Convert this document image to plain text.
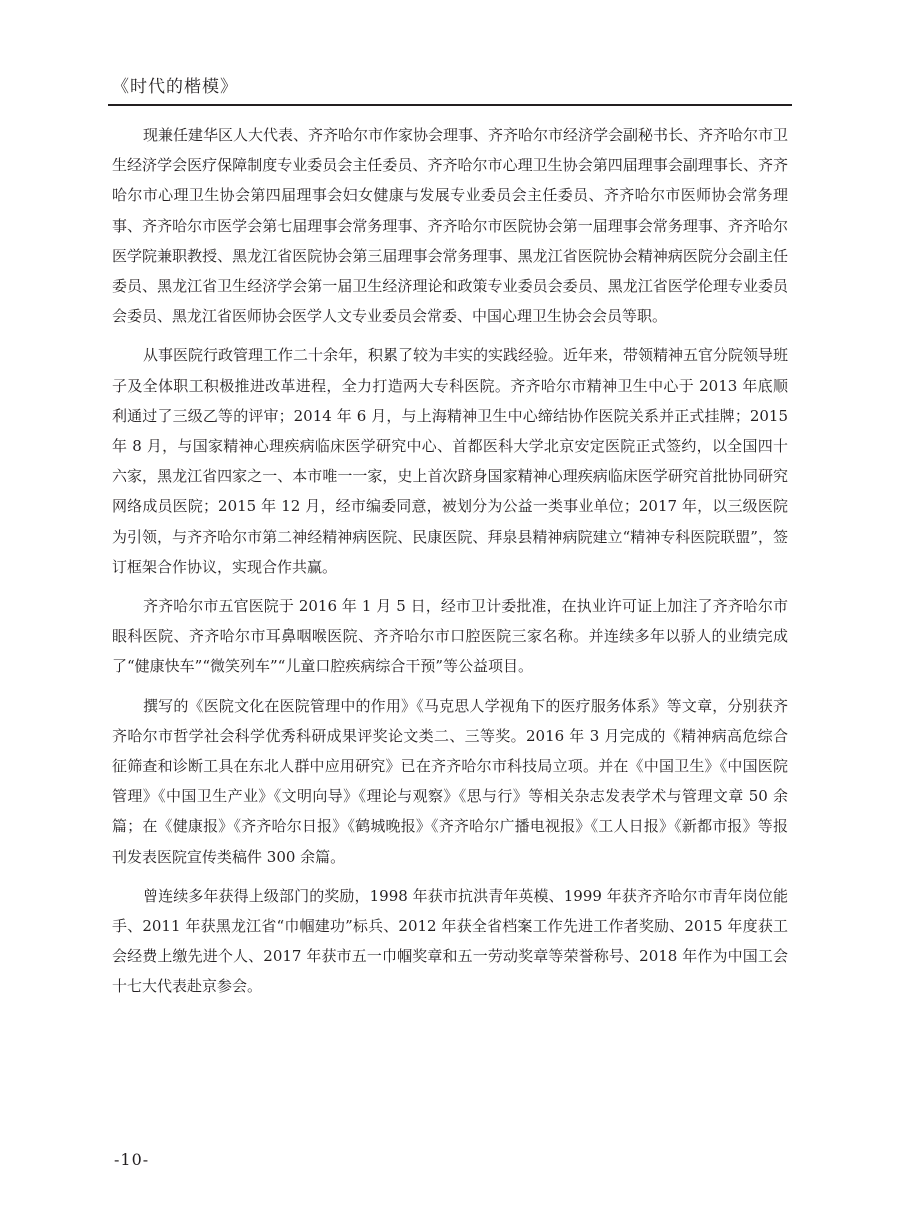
《时代的楷模》

现兼任建华区人大代表、齐齐哈尔市作家协会理事、齐齐哈尔市经济学会副秘书长、齐齐哈尔市卫生经济学会医疗保障制度专业委员会主任委员、齐齐哈尔市心理卫生协会第四届理事会副理事长、齐齐哈尔市心理卫生协会第四届理事会妇女健康与发展专业委员会主任委员、齐齐哈尔市医师协会常务理事、齐齐哈尔市医学会第七届理事会常务理事、齐齐哈尔市医院协会第一届理事会常务理事、齐齐哈尔医学院兼职教授、黑龙江省医院协会第三届理事会常务理事、黑龙江省医院协会精神病医院分会副主任委员、黑龙江省卫生经济学会第一届卫生经济理论和政策专业委员会委员、黑龙江省医学伦理专业委员会委员、黑龙江省医师协会医学人文专业委员会常委、中国心理卫生协会会员等职。

从事医院行政管理工作二十余年，积累了较为丰实的实践经验。近年来，带领精神五官分院领导班子及全体职工积极推进改革进程，全力打造两大专科医院。齐齐哈尔市精神卫生中心于 2013 年底顺利通过了三级乙等的评审；2014 年 6 月，与上海精神卫生中心缔结协作医院关系并正式挂牌；2015 年 8 月，与国家精神心理疾病临床医学研究中心、首都医科大学北京安定医院正式签约，以全国四十六家，黑龙江省四家之一、本市唯一一家，史上首次跻身国家精神心理疾病临床医学研究首批协同研究网络成员医院；2015 年 12 月，经市编委同意，被划分为公益一类事业单位；2017 年，以三级医院为引领，与齐齐哈尔市第二神经精神病医院、民康医院、拜泉县精神病院建立“精神专科医院联盟”，签订框架合作协议，实现合作共赢。

齐齐哈尔市五官医院于 2016 年 1 月 5 日，经市卫计委批准，在执业许可证上加注了齐齐哈尔市眼科医院、齐齐哈尔市耳鼻咽喉医院、齐齐哈尔市口腔医院三家名称。并连续多年以骄人的业绩完成了“健康快车”“微笑列车”“儿童口腔疾病综合干预”等公益项目。

撰写的《医院文化在医院管理中的作用》《马克思人学视角下的医疗服务体系》等文章，分别获齐齐哈尔市哲学社会科学优秀科研成果评奖论文类二、三等奖。2016 年 3 月完成的《精神病高危综合征筛查和诊断工具在东北人群中应用研究》已在齐齐哈尔市科技局立项。并在《中国卫生》《中国医院管理》《中国卫生产业》《文明向导》《理论与观察》《思与行》等相关杂志发表学术与管理文章 50 余篇；在《健康报》《齐齐哈尔日报》《鹤城晚报》《齐齐哈尔广播电视报》《工人日报》《新都市报》等报刊发表医院宣传类稿件 300 余篇。

曾连续多年获得上级部门的奖励，1998 年获市抗洪青年英模、1999 年获齐齐哈尔市青年岗位能手、2011 年获黑龙江省“巾帼建功”标兵、2012 年获全省档案工作先进工作者奖励、2015 年度获工会经费上缴先进个人、2017 年获市五一巾帼奖章和五一劳动奖章等荣誉称号、2018 年作为中国工会十七大代表赴京参会。

-10-
